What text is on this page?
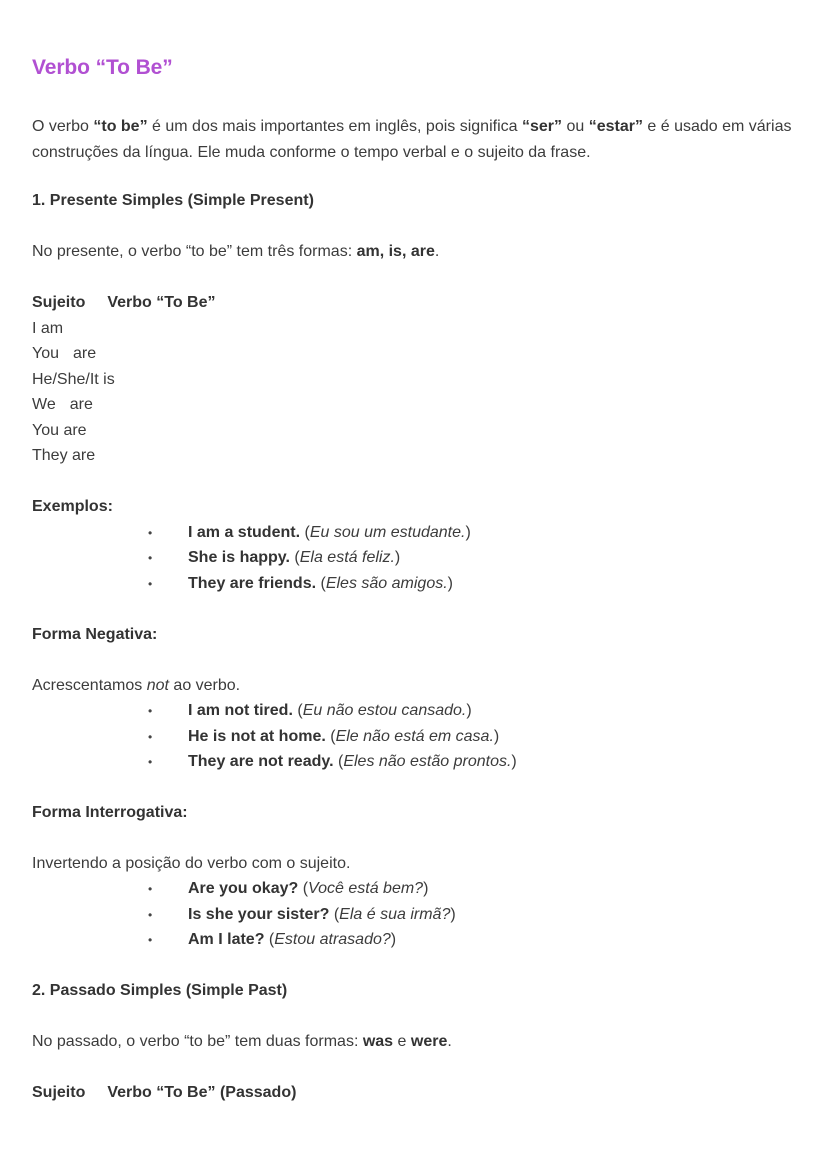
Verbo “To Be”
O verbo “to be” é um dos mais importantes em inglês, pois significa “ser” ou “estar” e é usado em várias construções da língua. Ele muda conforme o tempo verbal e o sujeito da frase.
1. Presente Simples (Simple Present)
No presente, o verbo “to be” tem três formas: am, is, are.
Sujeito Verbo “To Be”
I am
You are
He/She/It is
We are
You are
They are
Exemplos:
• I am a student. (Eu sou um estudante.)
• She is happy. (Ela está feliz.)
• They are friends. (Eles são amigos.)
Forma Negativa:
Acrescentamos not ao verbo.
• I am not tired. (Eu não estou cansado.)
• He is not at home. (Ele não está em casa.)
• They are not ready. (Eles não estão prontos.)
Forma Interrogativa:
Invertendo a posição do verbo com o sujeito.
• Are you okay? (Você está bem?)
• Is she your sister? (Ela é sua irmã?)
• Am I late? (Estou atrasado?)
2. Passado Simples (Simple Past)
No passado, o verbo “to be” tem duas formas: was e were.
Sujeito Verbo “To Be” (Passado)
